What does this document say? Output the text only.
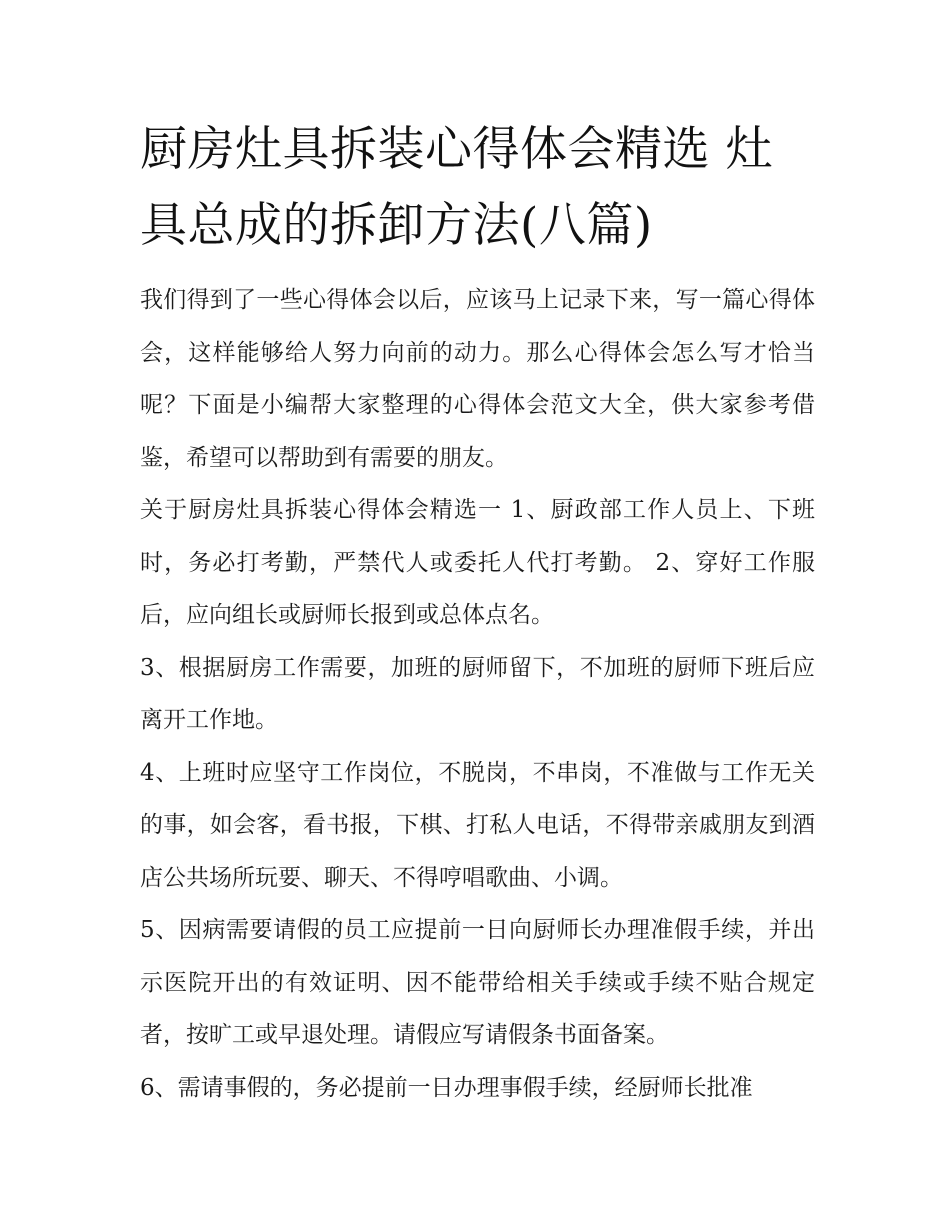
厨房灶具拆装心得体会精选 灶具总成的拆卸方法(八篇)

我们得到了一些心得体会以后，应该马上记录下来，写一篇心得体会，这样能够给人努力向前的动力。那么心得体会怎么写才恰当呢？下面是小编帮大家整理的心得体会范文大全，供大家参考借鉴，希望可以帮助到有需要的朋友。

关于厨房灶具拆装心得体会精选一 1、厨政部工作人员上、下班时，务必打考勤，严禁代人或委托人代打考勤。 2、穿好工作服后，应向组长或厨师长报到或总体点名。

3、根据厨房工作需要，加班的厨师留下，不加班的厨师下班后应离开工作地。

4、上班时应坚守工作岗位，不脱岗，不串岗，不准做与工作无关的事，如会客，看书报，下棋、打私人电话，不得带亲戚朋友到酒店公共场所玩要、聊天、不得哼唱歌曲、小调。

5、因病需要请假的员工应提前一日向厨师长办理准假手续，并出示医院开出的有效证明、因不能带给相关手续或手续不贴合规定者，按旷工或早退处理。请假应写请假条书面备案。

6、需请事假的，务必提前一日办理事假手续，经厨师长批准
